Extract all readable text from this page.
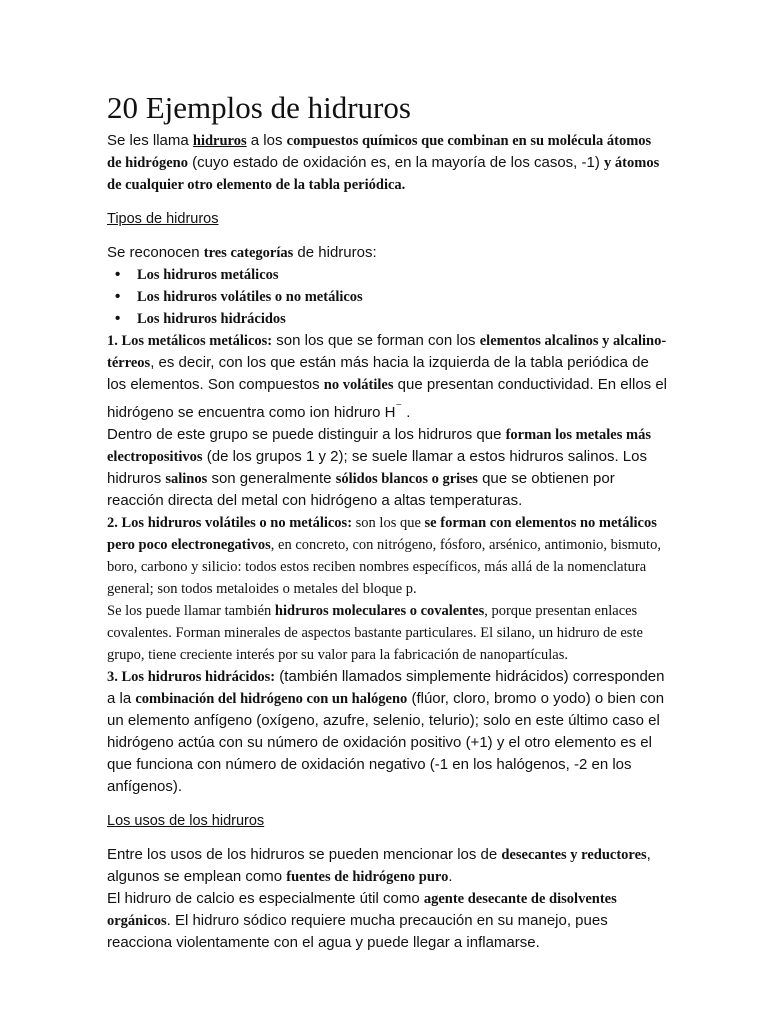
20 Ejemplos de hidruros

Se les llama hidruros a los compuestos químicos que combinan en su molécula átomos de hidrógeno (cuyo estado de oxidación es, en la mayoría de los casos, -1) y átomos de cualquier otro elemento de la tabla periódica.

Tipos de hidruros

Se reconocen tres categorías de hidruros:

• Los hidruros metálicos
• Los hidruros volátiles o no metálicos
• Los hidruros hidrácidos

1. Los metálicos metálicos: son los que se forman con los elementos alcalinos y alcalino-térreos, es decir, con los que están más hacia la izquierda de la tabla periódica de los elementos. Son compuestos no volátiles que presentan conductividad. En ellos el hidrógeno se encuentra como ion hidruro H⁻ .

Dentro de este grupo se puede distinguir a los hidruros que forman los metales más electropositivos (de los grupos 1 y 2); se suele llamar a estos hidruros salinos. Los hidruros salinos son generalmente sólidos blancos o grises que se obtienen por reacción directa del metal con hidrógeno a altas temperaturas.

2. Los hidruros volátiles o no metálicos: son los que se forman con elementos no metálicos pero poco electronegativos, en concreto, con nitrógeno, fósforo, arsénico, antimonio, bismuto, boro, carbono y silicio: todos estos reciben nombres específicos, más allá de la nomenclatura general; son todos metaloides o metales del bloque p.

Se los puede llamar también hidruros moleculares o covalentes, porque presentan enlaces covalentes. Forman minerales de aspectos bastante particulares. El silano, un hidruro de este grupo, tiene creciente interés por su valor para la fabricación de nanopartículas.

3. Los hidruros hidrácidos: (también llamados simplemente hidrácidos) corresponden a la combinación del hidrógeno con un halógeno (flúor, cloro, bromo o yodo) o bien con un elemento anfígeno (oxígeno, azufre, selenio, telurio); solo en este último caso el hidrógeno actúa con su número de oxidación positivo (+1) y el otro elemento es el que funciona con número de oxidación negativo (-1 en los halógenos, -2 en los anfígenos).

Los usos de los hidruros

Entre los usos de los hidruros se pueden mencionar los de desecantes y reductores, algunos se emplean como fuentes de hidrógeno puro.

El hidruro de calcio es especialmente útil como agente desecante de disolventes orgánicos. El hidruro sódico requiere mucha precaución en su manejo, pues reacciona violentamente con el agua y puede llegar a inflamarse.
